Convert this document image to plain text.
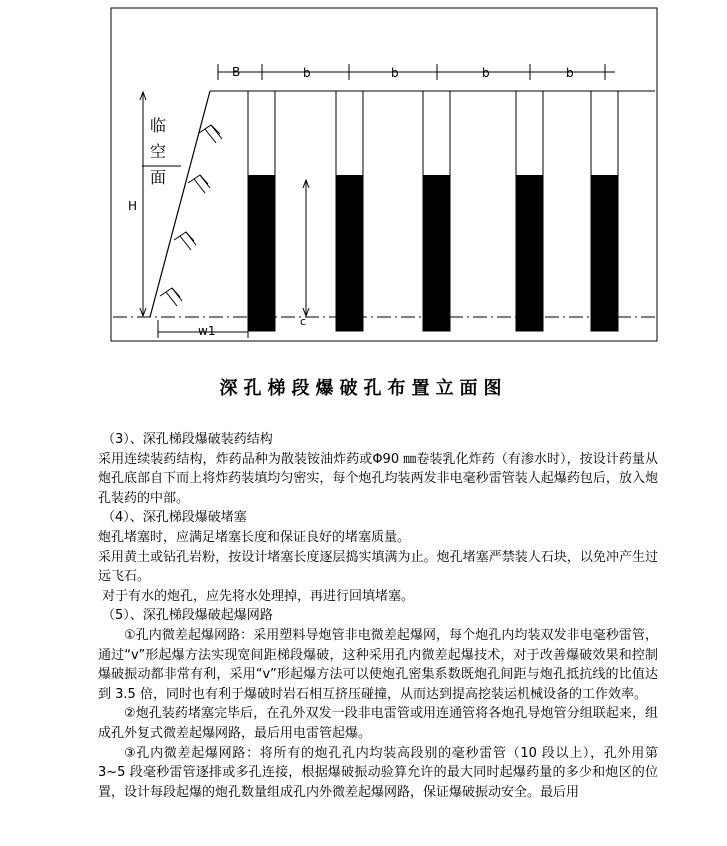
B	b	b	b	b
临
空
面
H
w1
c
深孔梯段爆破孔布置立面图

（3）、深孔梯段爆破装药结构

采用连续装药结构，炸药品种为散装铵油炸药或Φ90 ㎜卷装乳化炸药（有渗水时），按设计药量从炮孔底部自下而上将炸药装填均匀密实，每个炮孔均装两发非电毫秒雷管装人起爆药包后，放入炮孔装药的中部。

（4）、深孔梯段爆破堵塞

炮孔堵塞时，应满足堵塞长度和保证良好的堵塞质量。

采用黄土或钻孔岩粉，按设计堵塞长度逐层捣实填满为止。炮孔堵塞严禁装人石块，以免冲产生过远飞石。

对于有水的炮孔，应先将水处理掉，再进行回填堵塞。

（5）、深孔梯段爆破起爆网路

①孔内微差起爆网路：采用塑料导炮管非电微差起爆网，每个炮孔内均装双发非电毫秒雷管，通过“v”形起爆方法实现宽间距梯段爆破，这种采用孔内微差起爆技术，对于改善爆破效果和控制爆破振动都非常有利，采用“v”形起爆方法可以使炮孔密集系数既炮孔间距与炮孔抵抗线的比值达到 3.5 倍，同时也有利于爆破时岩石相互挤压碰撞，从而达到提高挖装运机械设备的工作效率。

②炮孔装药堵塞完毕后，在孔外双发一段非电雷管或用连通管将各炮孔导炮管分组联起来，组成孔外复式微差起爆网路，最后用电雷管起爆。

③孔内微差起爆网路：将所有的炮孔孔内均装高段别的毫秒雷管（10 段以上），孔外用第 3~5 段毫秒雷管逐排或多孔连接，根据爆破振动验算允许的最大同时起爆药量的多少和炮区的位置，设计每段起爆的炮孔数量组成孔内外微差起爆网路，保证爆破振动安全。最后用
